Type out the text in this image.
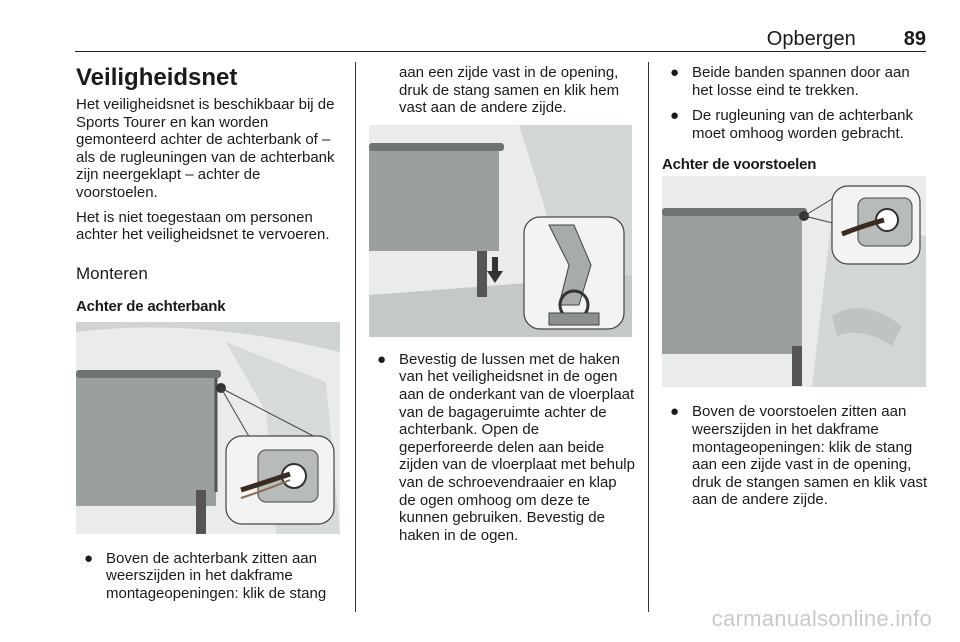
Opbergen 89
Veiligheidsnet

Het veiligheidsnet is beschikbaar bij de Sports Tourer en kan worden gemonteerd achter de achterbank of – als de rugleuningen van de achterbank zijn neergeklapt – achter de voorstoelen.

Het is niet toegestaan om personen achter het veiligheidsnet te vervoeren.

Monteren
Achter de achterbank
● Boven de achterbank zitten aan weerszijden in het dakframe montageopeningen: klik de stang

aan een zijde vast in de opening, druk de stang samen en klik hem vast aan de andere zijde.

● Bevestig de lussen met de haken van het veiligheidsnet in de ogen aan de onderkant van de vloerplaat van de bagageruimte achter de achterbank. Open de geperforeerde delen aan beide zijden van de vloerplaat met behulp van de schroevendraaier en klap de ogen omhoog om deze te kunnen gebruiken. Bevestig de haken in de ogen.
● Beide banden spannen door aan het losse eind te trekken.
● De rugleuning van de achterbank moet omhoog worden gebracht.
Achter de voorstoelen
● Boven de voorstoelen zitten aan weerszijden in het dakframe montageopeningen: klik de stang aan een zijde vast in de opening, druk de stangen samen en klik vast aan de andere zijde.
carmanualsonline.info
